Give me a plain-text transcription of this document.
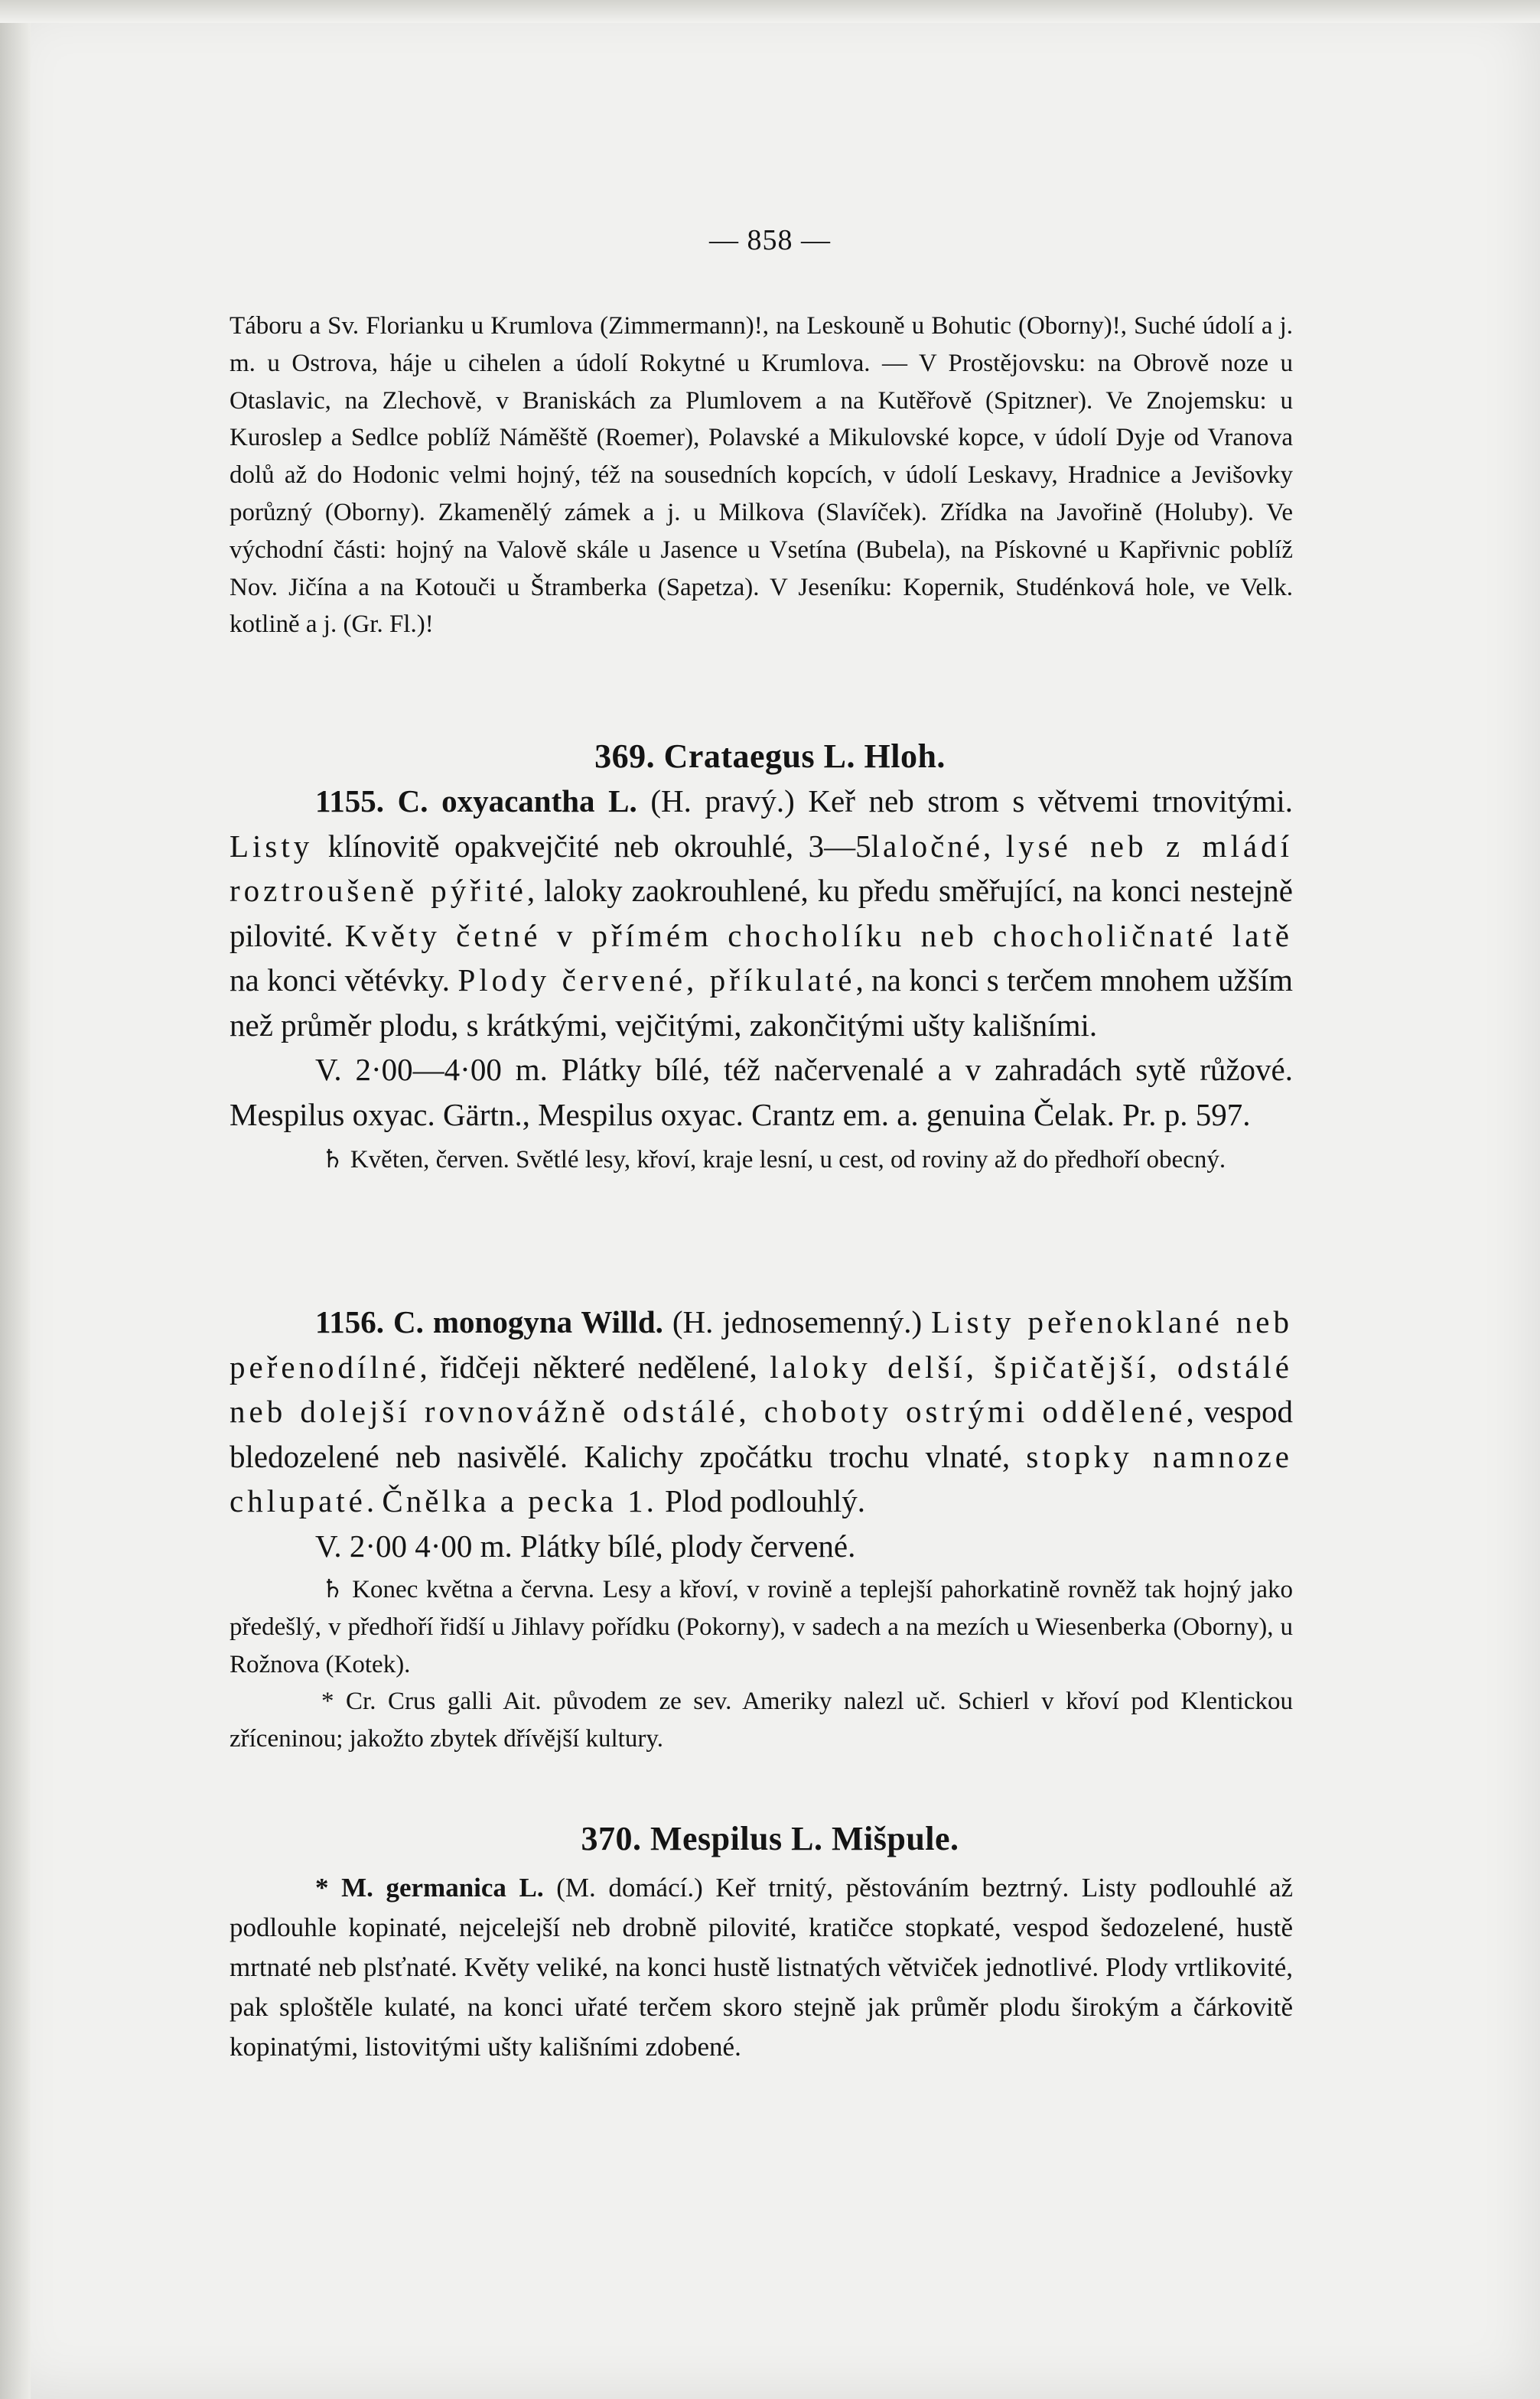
— 858 —

Táboru a Sv. Florianku u Krumlova (Zimmermann)!, na Leskouně u Bohutic (Oborny)!, Suché údolí a j. m. u Ostrova, háje u cihelen a údolí Rokytné u Krumlova. — V Prostějovsku: na Obrově noze u Otaslavic, na Zlechově, v Braniskách za Plumlovem a na Kutěřově (Spitzner). Ve Znojemsku: u Kuroslep a Sedlce poblíž Náměště (Roemer), Polavské a Mikulovské kopce, v údolí Dyje od Vranova dolů až do Hodonic velmi hojný, též na sousedních kopcích, v údolí Leskavy, Hradnice a Jevišovky porůzný (Oborny). Zkamenělý zámek a j. u Milkova (Slavíček). Zřídka na Javořině (Holuby). Ve východní části: hojný na Valově skále u Jasence u Vsetína (Bubela), na Pískovné u Kapřivnic poblíž Nov. Jičína a na Kotouči u Štramberka (Sapetza). V Jeseníku: Kopernik, Studénková hole, ve Velk. kotlině a j. (Gr. Fl.)!

369. Crataegus L. Hloh.

1155. C. oxyacantha L. (H. pravý.) Keř neb strom s větvemi trnovitými. Listy klínovitě opakvejčité neb okrouhlé, 3—5laločné, lysé neb z mládí roztroušeně pýřité, laloky zaokrouhlené, ku předu směřující, na konci nestejně pilovité. Květy četné v přímém chocholíku neb chocholičnaté latě na konci větévky. Plody červené, příkulaté, na konci s terčem mnohem užším než průměr plodu, s krátkými, vejčitými, zakončitými ušty kališními.

V. 2·00—4·00 m. Plátky bílé, též načervenalé a v zahradách sytě růžové. Mespilus oxyac. Gärtn., Mespilus oxyac. Crantz em. a. genuina Čelak. Pr. p. 597.

♄ Květen, červen. Světlé lesy, křoví, kraje lesní, u cest, od roviny až do předhoří obecný.

1156. C. monogyna Willd. (H. jednosemenný.) Listy peřenoklané neb peřenodílné, řidčeji některé nedělené, laloky delší, špičatější, odstálé neb dolejší rovnovážně odstálé, choboty ostrými oddělené, vespod bledozelené neb nasivělé. Kalichy zpočátku trochu vlnaté, stopky namnoze chlupaté. Čnělka a pecka 1. Plod podlouhlý.

V. 2·00 4·00 m. Plátky bílé, plody červené.

♄ Konec května a června. Lesy a křoví, v rovině a teplejší pahorkatině rovněž tak hojný jako předešlý, v předhoří řidší u Jihlavy pořídku (Pokorny), v sadech a na mezích u Wiesenberka (Oborny), u Rožnova (Kotek).

* Cr. Crus galli Ait. původem ze sev. Ameriky nalezl uč. Schierl v křoví pod Klentickou zříceninou; jakožto zbytek dřívější kultury.

370. Mespilus L. Mišpule.

* M. germanica L. (M. domácí.) Keř trnitý, pěstováním beztrný. Listy podlouhlé až podlouhle kopinaté, nejcelejší neb drobně pilovité, kratičce stopkaté, vespod šedozelené, hustě mrtnaté neb plsťnaté. Květy veliké, na konci hustě listnatých větviček jednotlivé. Plody vrtlikovité, pak sploštěle kulaté, na konci uřaté terčem skoro stejně jak průměr plodu širokým a čárkovitě kopinatými, listovitými ušty kališními zdobené.
